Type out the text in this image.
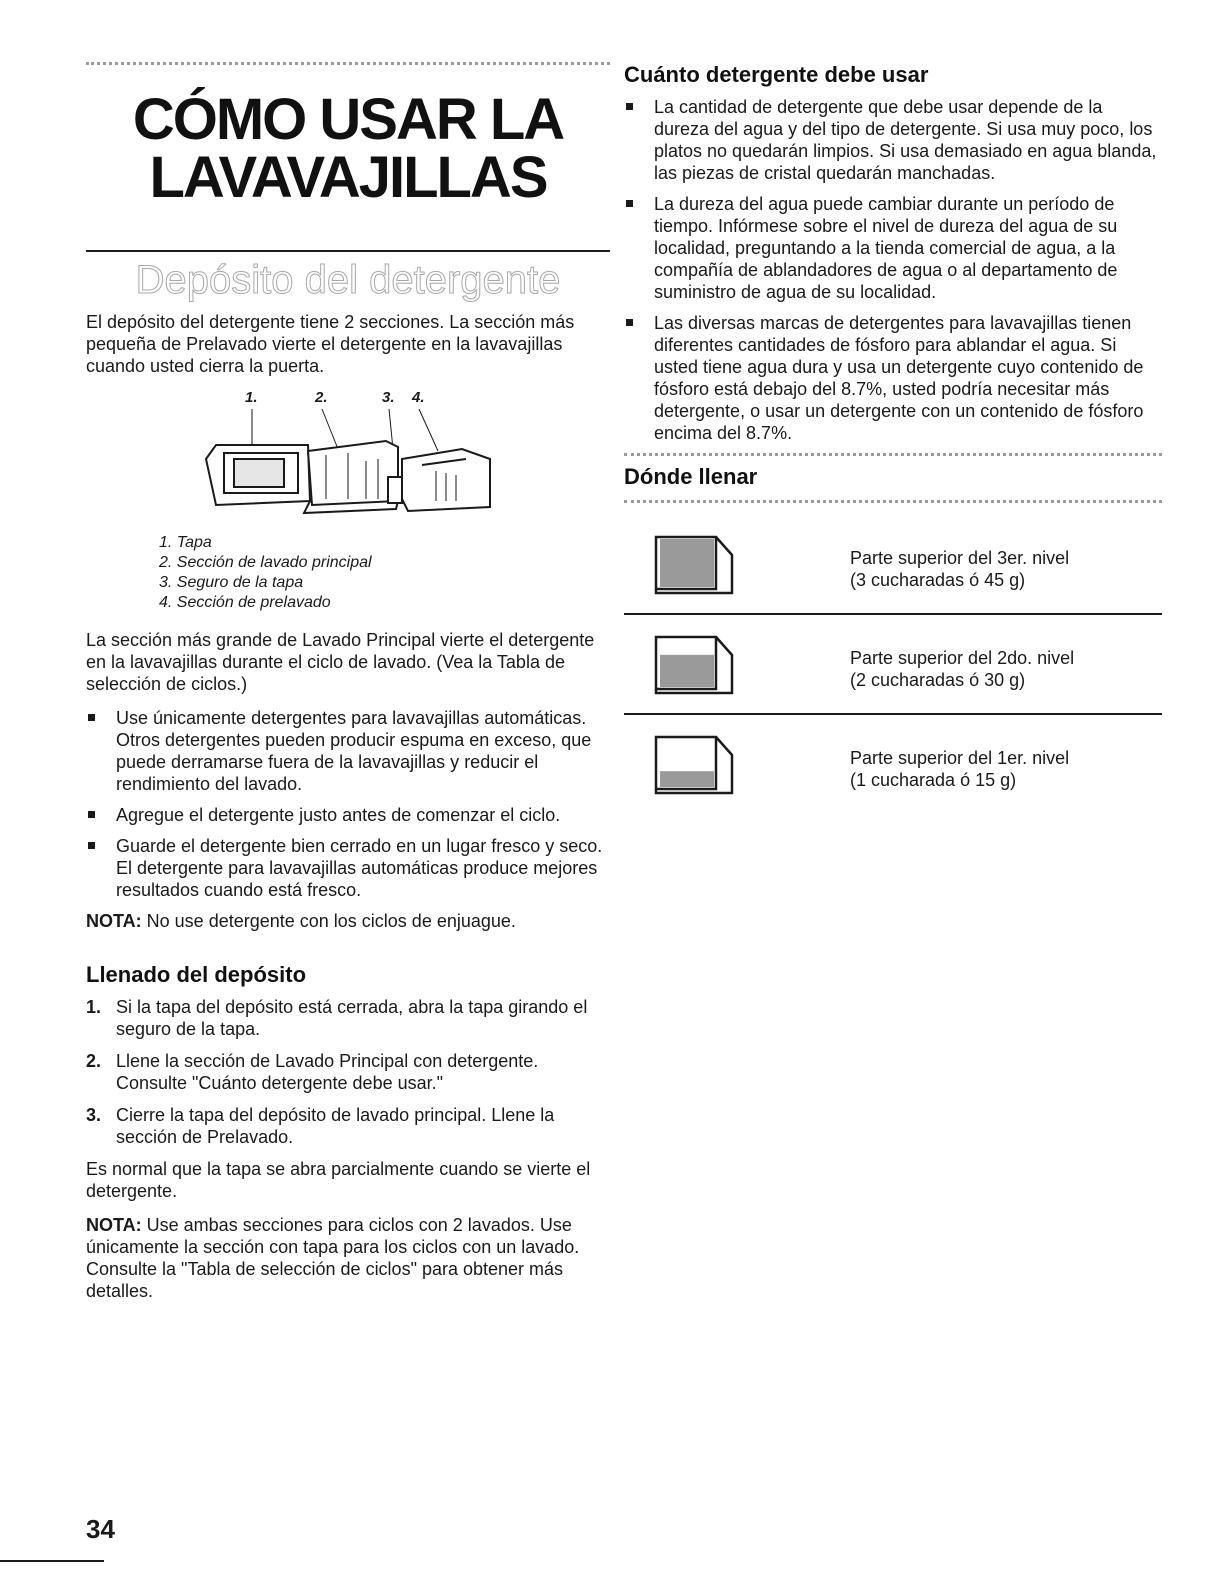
CÓMO USAR LA
LAVAVAJILLAS
Depósito del detergente

El depósito del detergente tiene 2 secciones. La sección más pequeña de Prelavado vierte el detergente en la lavavajillas cuando usted cierra la puerta.

1.	2.	3. 4.
1. Tapa
2. Sección de lavado principal
3. Seguro de la tapa
4. Sección de prelavado

La sección más grande de Lavado Principal vierte el detergente en la lavavajillas durante el ciclo de lavado. (Vea la Tabla de selección de ciclos.)

Use únicamente detergentes para lavavajillas automáticas. Otros detergentes pueden producir espuma en exceso, que puede derramarse fuera de la lavavajillas y reducir el rendimiento del lavado.
Agregue el detergente justo antes de comenzar el ciclo.
Guarde el detergente bien cerrado en un lugar fresco y seco. El detergente para lavavajillas automáticas produce mejores resultados cuando está fresco.

NOTA: No use detergente con los ciclos de enjuague.

Llenado del depósito
1. Si la tapa del depósito está cerrada, abra la tapa girando el seguro de la tapa.
2. Llene la sección de Lavado Principal con detergente. Consulte "Cuánto detergente debe usar."
3. Cierre la tapa del depósito de lavado principal. Llene la sección de Prelavado.

Es normal que la tapa se abra parcialmente cuando se vierte el detergente.

NOTA: Use ambas secciones para ciclos con 2 lavados. Use únicamente la sección con tapa para los ciclos con un lavado. Consulte la "Tabla de selección de ciclos" para obtener más detalles.

Cuánto detergente debe usar
La cantidad de detergente que debe usar depende de la dureza del agua y del tipo de detergente. Si usa muy poco, los platos no quedarán limpios. Si usa demasiado en agua blanda, las piezas de cristal quedarán manchadas.
La dureza del agua puede cambiar durante un período de tiempo. Infórmese sobre el nivel de dureza del agua de su localidad, preguntando a la tienda comercial de agua, a la compañía de ablandadores de agua o al departamento de suministro de agua de su localidad.
Las diversas marcas de detergentes para lavavajillas tienen diferentes cantidades de fósforo para ablandar el agua. Si usted tiene agua dura y usa un detergente cuyo contenido de fósforo está debajo del 8.7%, usted podría necesitar más detergente, o usar un detergente con un contenido de fósforo encima del 8.7%.
Dónde llenar
Parte superior del 3er. nivel
(3 cucharadas ó 45 g)
Parte superior del 2do. nivel
(2 cucharadas ó 30 g)
Parte superior del 1er. nivel
(1 cucharada ó 15 g)
34
